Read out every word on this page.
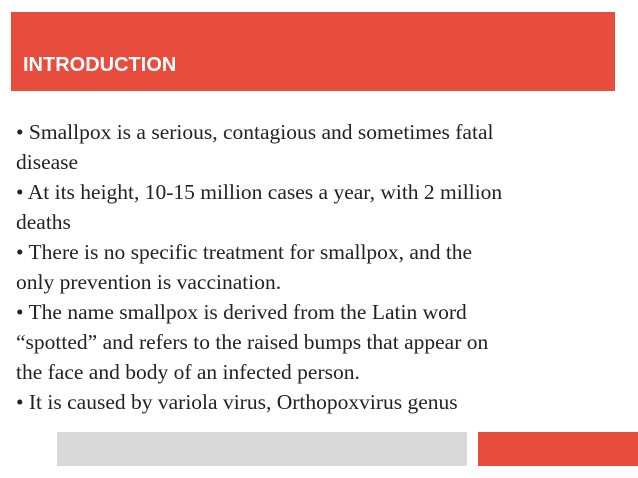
INTRODUCTION
• Smallpox is a serious, contagious and sometimes fatal
disease
• At its height, 10-15 million cases a year, with 2 million
deaths
• There is no specific treatment for smallpox, and the
only prevention is vaccination.
• The name smallpox is derived from the Latin word
“spotted” and refers to the raised bumps that appear on
the face and body of an infected person.
• It is caused by variola virus, Orthopoxvirus genus
